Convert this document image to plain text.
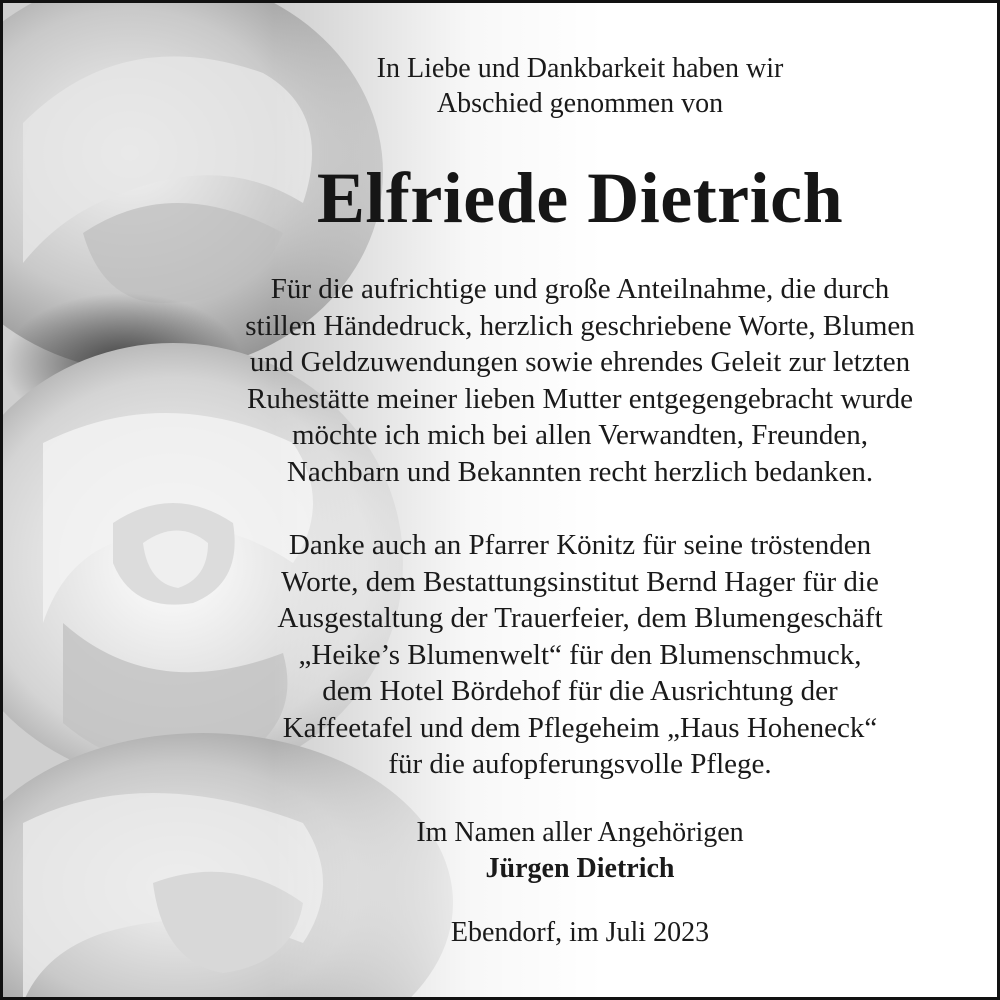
In Liebe und Dankbarkeit haben wir
Abschied genommen von
Elfriede Dietrich
Für die aufrichtige und große Anteilnahme, die durch
stillen Händedruck, herzlich geschriebene Worte, Blumen
und Geldzuwendungen sowie ehrendes Geleit zur letzten
Ruhestätte meiner lieben Mutter entgegengebracht wurde
möchte ich mich bei allen Verwandten, Freunden,
Nachbarn und Bekannten recht herzlich bedanken.
Danke auch an Pfarrer Könitz für seine tröstenden
Worte, dem Bestattungsinstitut Bernd Hager für die
Ausgestaltung der Trauerfeier, dem Blumengeschäft
„Heike’s Blumenwelt“ für den Blumenschmuck,
dem Hotel Bördehof für die Ausrichtung der
Kaffeetafel und dem Pflegeheim „Haus Hoheneck“
für die aufopferungsvolle Pflege.
Im Namen aller Angehörigen
Jürgen Dietrich
Ebendorf, im Juli 2023
